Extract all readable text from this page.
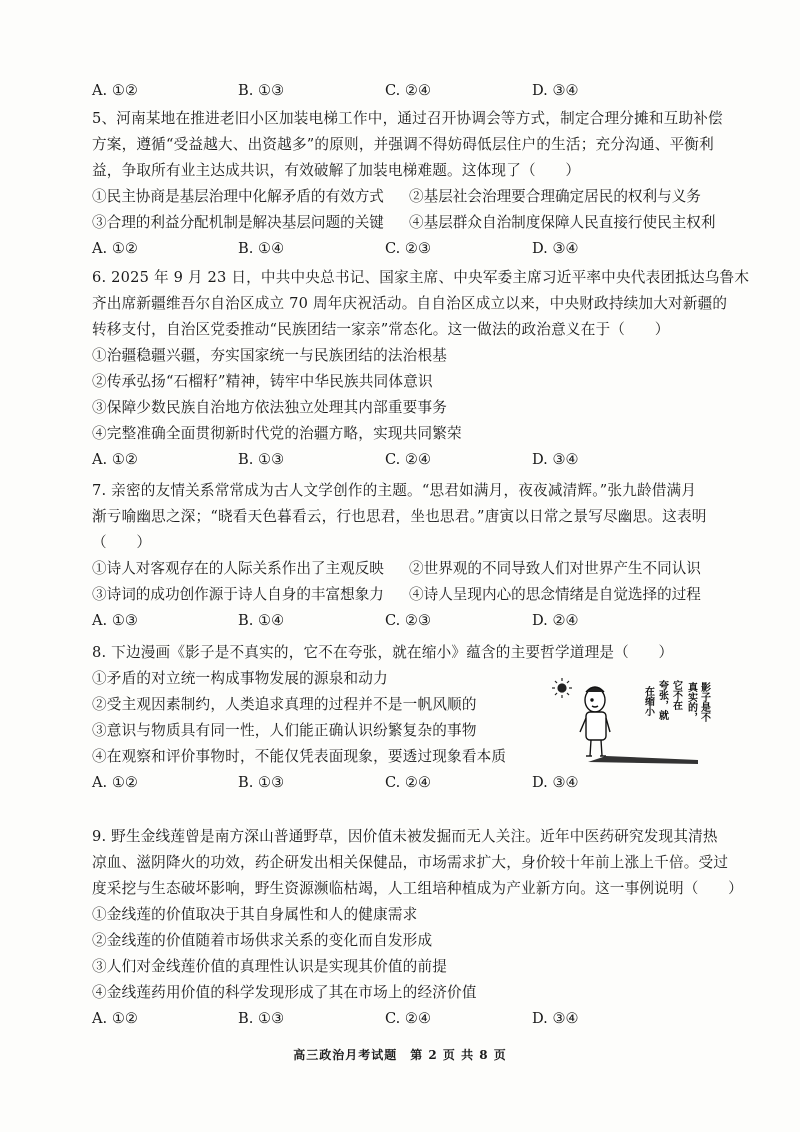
A. ①②	B. ①③	C. ②④	D. ③④
5、河南某地在推进老旧小区加装电梯工作中，通过召开协调会等方式，制定合理分摊和互助补偿
方案，遵循“受益越大、出资越多”的原则，并强调不得妨碍低层住户的生活；充分沟通、平衡利
益，争取所有业主达成共识，有效破解了加装电梯难题。这体现了（　　）
①民主协商是基层治理中化解矛盾的有效方式 ②基层社会治理要合理确定居民的权利与义务
③合理的利益分配机制是解决基层问题的关键 ④基层群众自治制度保障人民直接行使民主权利
A. ①②	B. ①④	C. ②③	D. ③④
6. 2025 年 9 月 23 日，中共中央总书记、国家主席、中央军委主席习近平率中央代表团抵达乌鲁木
齐出席新疆维吾尔自治区成立 70 周年庆祝活动。自自治区成立以来，中央财政持续加大对新疆的
转移支付，自治区党委推动“民族团结一家亲”常态化。这一做法的政治意义在于（　　）
①治疆稳疆兴疆，夯实国家统一与民族团结的法治根基
②传承弘扬“石榴籽”精神，铸牢中华民族共同体意识
③保障少数民族自治地方依法独立处理其内部重要事务
④完整准确全面贯彻新时代党的治疆方略，实现共同繁荣
A. ①②	B. ①③	C. ②④	D. ③④
7. 亲密的友情关系常常成为古人文学创作的主题。“思君如满月，夜夜减清辉。”张九龄借满月
渐亏喻幽思之深；“晓看天色暮看云，行也思君，坐也思君。”唐寅以日常之景写尽幽思。这表明
（　　）
①诗人对客观存在的人际关系作出了主观反映 ②世界观的不同导致人们对世界产生不同认识
③诗词的成功创作源于诗人自身的丰富想象力 ④诗人呈现内心的思念情绪是自觉选择的过程
A. ①③	B. ①④	C. ②③	D. ②④
8. 下边漫画《影子是不真实的，它不在夸张，就在缩小》蕴含的主要哲学道理是（　　）
①矛盾的对立统一构成事物发展的源泉和动力
②受主观因素制约，人类追求真理的过程并不是一帆风顺的
③意识与物质具有同一性，人们能正确认识纷繁复杂的事物
④在观察和评价事物时，不能仅凭表面现象，要透过现象看本质
A. ①②	B. ①③	C. ②④	D. ③④
影子是不
真实的，
它不在
夸张，就
在缩小
9. 野生金线莲曾是南方深山普通野草，因价值未被发掘而无人关注。近年中医药研究发现其清热
凉血、滋阴降火的功效，药企研发出相关保健品，市场需求扩大，身价较十年前上涨上千倍。受过
度采挖与生态破坏影响，野生资源濒临枯竭，人工组培种植成为产业新方向。这一事例说明（　　）
①金线莲的价值取决于其自身属性和人的健康需求
②金线莲的价值随着市场供求关系的变化而自发形成
③人们对金线莲价值的真理性认识是实现其价值的前提
④金线莲药用价值的科学发现形成了其在市场上的经济价值
A. ①②	B. ①③	C. ②④	D. ③④
高三政治月考试题　第 2 页 共 8 页
